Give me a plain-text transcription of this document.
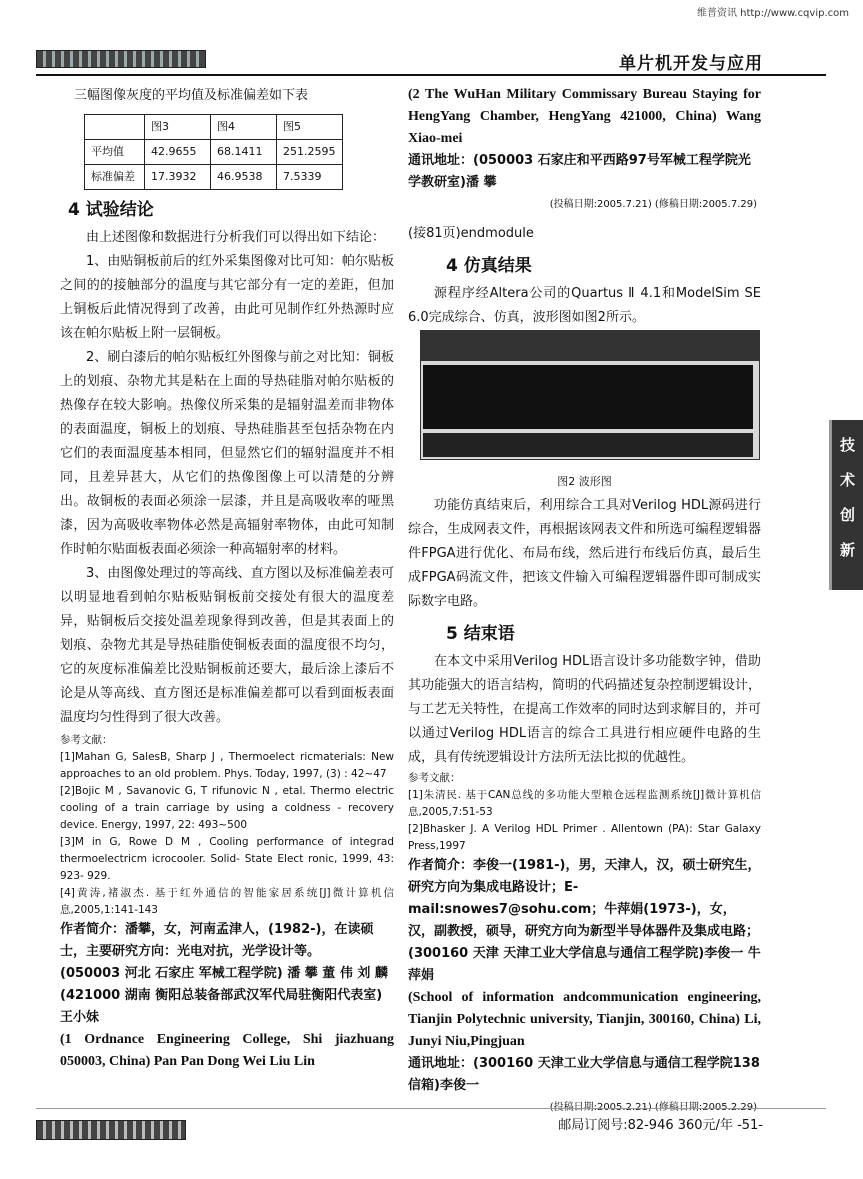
维普资讯 http://www.cqvip.com
单片机开发与应用
三幅图像灰度的平均值及标准偏差如下表
	图3	图4	图5
平均值	42.9655	68.1411	251.2595
标准偏差	17.3932	46.9538	7.5339
4 试验结论
由上述图像和数据进行分析我们可以得出如下结论：
1、由贴铜板前后的红外采集图像对比可知：帕尔贴板之间的的接触部分的温度与其它部分有一定的差距，但加上铜板后此情况得到了改善，由此可见制作红外热源时应该在帕尔贴板上附一层铜板。
2、刷白漆后的帕尔贴板红外图像与前之对比知：铜板上的划痕、杂物尤其是粘在上面的导热硅脂对帕尔贴板的热像存在较大影响。热像仪所采集的是辐射温差而非物体的表面温度，铜板上的划痕、导热硅脂甚至包括杂物在内它们的表面温度基本相同，但显然它们的辐射温度并不相同，且差异甚大，从它们的热像图像上可以清楚的分辨出。故铜板的表面必须涂一层漆，并且是高吸收率的哑黑漆，因为高吸收率物体必然是高辐射率物体，由此可知制作时帕尔贴面板表面必须涂一种高辐射率的材料。
3、由图像处理过的等高线、直方图以及标准偏差表可以明显地看到帕尔贴板贴铜板前交接处有很大的温度差异，贴铜板后交接处温差现象得到改善，但是其表面上的划痕、杂物尤其是导热硅脂使铜板表面的温度很不均匀，它的灰度标准偏差比没贴铜板前还要大，最后涂上漆后不论是从等高线、直方图还是标准偏差都可以看到面板表面温度均匀性得到了很大改善。
参考文献：
[1]Mahan G, SalesB, Sharp J , Thermoelect ricmaterials: New approaches to an old problem. Phys. Today, 1997, (3) : 42~47
[2]Bojic M , Savanovic G, T rifunovic N , etal. Thermo electric cooling of a train carriage by using a coldness - recovery device. Energy, 1997, 22: 493~500
[3]M in G, Rowe D M , Cooling performance of integrad thermoelectricm icrocooler. Solid- State Elect ronic, 1999, 43: 923- 929.
[4]黄涛,褚淑杰. 基于红外通信的智能家居系统[J]微计算机信息,2005,1:141-143
作者简介：潘攀，女，河南孟津人，(1982-)，在读硕士，主要研究方向：光电对抗，光学设计等。
(050003 河北 石家庄 军械工程学院) 潘 攀 董 伟 刘 麟
(421000 湖南 衡阳总装备部武汉军代局驻衡阳代表室) 王小妹
(1 Ordnance Engineering College, Shi jiazhuang 050003, China) Pan Pan Dong Wei Liu Lin
(2 The WuHan Military Commissary Bureau Staying for HengYang Chamber, HengYang 421000, China) Wang Xiao-mei
通讯地址：(050003 石家庄和平西路97号军械工程学院光学教研室)潘 攀
(投稿日期:2005.7.21) (修稿日期:2005.7.29)
(接81页)endmodule
4 仿真结果
源程序经Altera公司的Quartus Ⅱ 4.1和ModelSim SE 6.0完成综合、仿真，波形图如图2所示。
图2 波形图
功能仿真结束后，利用综合工具对Verilog HDL源码进行综合，生成网表文件，再根据该网表文件和所选可编程逻辑器件FPGA进行优化、布局布线，然后进行布线后仿真，最后生成FPGA码流文件，把该文件输入可编程逻辑器件即可制成实际数字电路。
5 结束语
在本文中采用Verilog HDL语言设计多功能数字钟，借助其功能强大的语言结构，简明的代码描述复杂控制逻辑设计，与工艺无关特性，在提高工作效率的同时达到求解目的，并可以通过Verilog HDL语言的综合工具进行相应硬件电路的生成，具有传统逻辑设计方法所无法比拟的优越性。
参考文献：
[1]朱清民. 基于CAN总线的多功能大型粮仓远程监测系统[J]微计算机信息,2005,7:51-53
[2]Bhasker J. A Verilog HDL Primer . Allentown (PA): Star Galaxy Press,1997
作者简介：李俊一(1981-)，男，天津人，汉，硕士研究生，研究方向为集成电路设计；E-mail:snowes7@sohu.com；牛萍娟(1973-)，女，汉，副教授，硕导，研究方向为新型半导体器件及集成电路；
(300160 天津 天津工业大学信息与通信工程学院)李俊一 牛萍娟
(School of information andcommunication engineering, Tianjin Polytechnic university, Tianjin, 300160, China) Li, Junyi Niu,Pingjuan
通讯地址：(300160 天津工业大学信息与通信工程学院138信箱)李俊一
技
术
创
新
邮局订阅号:82-946 360元/年 -51-
